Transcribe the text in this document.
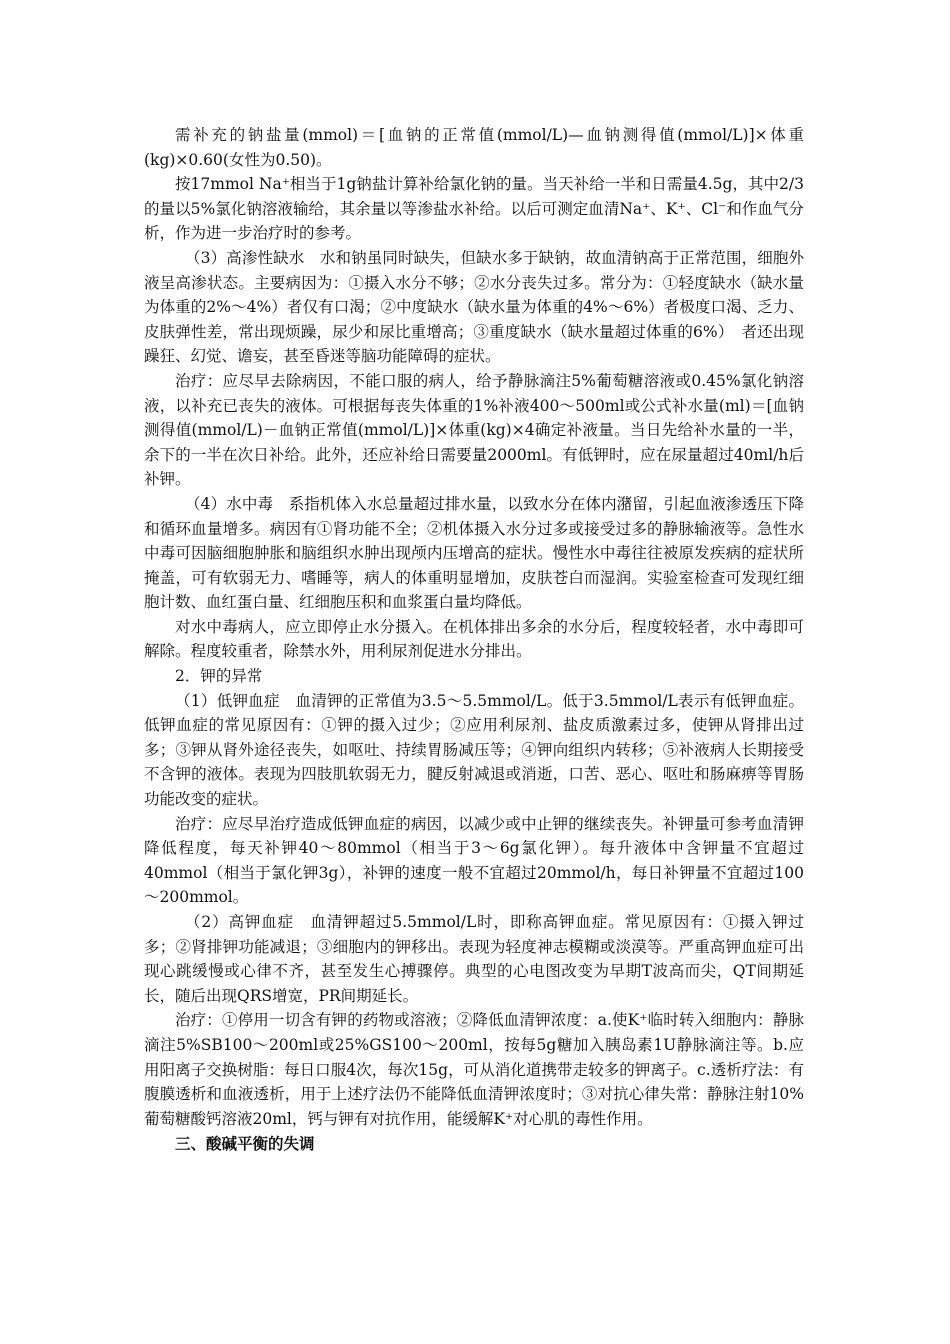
需补充的钠盐量(mmol)＝[血钠的正常值(mmol/L)—血钠测得值(mmol/L)]×体重(kg)×0.60(女性为0.50)。

按17mmol Na⁺相当于1g钠盐计算补给氯化钠的量。当天补给一半和日需量4.5g，其中2/3的量以5%氯化钠溶液输给，其余量以等渗盐水补给。以后可测定血清Na⁺、K⁺、Cl⁻和作血气分析，作为进一步治疗时的参考。

（3）高渗性缺水　水和钠虽同时缺失，但缺水多于缺钠，故血清钠高于正常范围，细胞外液呈高渗状态。主要病因为：①摄入水分不够；②水分丧失过多。常分为：①轻度缺水（缺水量为体重的2%～4%）者仅有口渴；②中度缺水（缺水量为体重的4%～6%）者极度口渴、乏力、皮肤弹性差，常出现烦躁，尿少和尿比重增高；③重度缺水（缺水量超过体重的6%）　者还出现躁狂、幻觉、谵妄，甚至昏迷等脑功能障碍的症状。

治疗：应尽早去除病因，不能口服的病人，给予静脉滴注5%葡萄糖溶液或0.45%氯化钠溶液，以补充已丧失的液体。可根据每丧失体重的1%补液400～500ml或公式补水量(ml)＝[血钠测得值(mmol/L)－血钠正常值(mmol/L)]×体重(kg)×4确定补液量。当日先给补水量的一半，余下的一半在次日补给。此外，还应补给日需要量2000ml。有低钾时，应在尿量超过40ml/h后补钾。

（4）水中毒　系指机体入水总量超过排水量，以致水分在体内潴留，引起血液渗透压下降和循环血量增多。病因有①肾功能不全；②机体摄入水分过多或接受过多的静脉输液等。急性水中毒可因脑细胞肿胀和脑组织水肿出现颅内压增高的症状。慢性水中毒往往被原发疾病的症状所掩盖，可有软弱无力、嗜睡等，病人的体重明显增加，皮肤苍白而湿润。实验室检查可发现红细胞计数、血红蛋白量、红细胞压积和血浆蛋白量均降低。

对水中毒病人，应立即停止水分摄入。在机体排出多余的水分后，程度较轻者，水中毒即可解除。程度较重者，除禁水外，用利尿剂促进水分排出。

2．钾的异常

（1）低钾血症　血清钾的正常值为3.5～5.5mmol/L。低于3.5mmol/L表示有低钾血症。低钾血症的常见原因有：①钾的摄入过少；②应用利尿剂、盐皮质激素过多，使钾从肾排出过多；③钾从肾外途径丧失，如呕吐、持续胃肠减压等；④钾向组织内转移；⑤补液病人长期接受不含钾的液体。表现为四肢肌软弱无力，腱反射减退或消逝，口苦、恶心、呕吐和肠麻痹等胃肠功能改变的症状。

治疗：应尽早治疗造成低钾血症的病因，以减少或中止钾的继续丧失。补钾量可参考血清钾降低程度，每天补钾40～80mmol（相当于3～6g氯化钾）。每升液体中含钾量不宜超过40mmol（相当于氯化钾3g），补钾的速度一般不宜超过20mmol/h，每日补钾量不宜超过100～200mmol。

（2）高钾血症　血清钾超过5.5mmol/L时，即称高钾血症。常见原因有：①摄入钾过多；②肾排钾功能减退；③细胞内的钾移出。表现为轻度神志模糊或淡漠等。严重高钾血症可出现心跳缓慢或心律不齐，甚至发生心搏骤停。典型的心电图改变为早期T波高而尖，QT间期延长，随后出现QRS增宽，PR间期延长。

治疗：①停用一切含有钾的药物或溶液；②降低血清钾浓度：a.使K⁺临时转入细胞内：静脉滴注5%SB100～200ml或25%GS100～200ml，按每5g糖加入胰岛素1U静脉滴注等。b.应用阳离子交换树脂：每日口服4次，每次15g，可从消化道携带走较多的钾离子。c.透析疗法：有腹膜透析和血液透析，用于上述疗法仍不能降低血清钾浓度时；③对抗心律失常：静脉注射10%葡萄糖酸钙溶液20ml，钙与钾有对抗作用，能缓解K⁺对心肌的毒性作用。

三、酸碱平衡的失调
